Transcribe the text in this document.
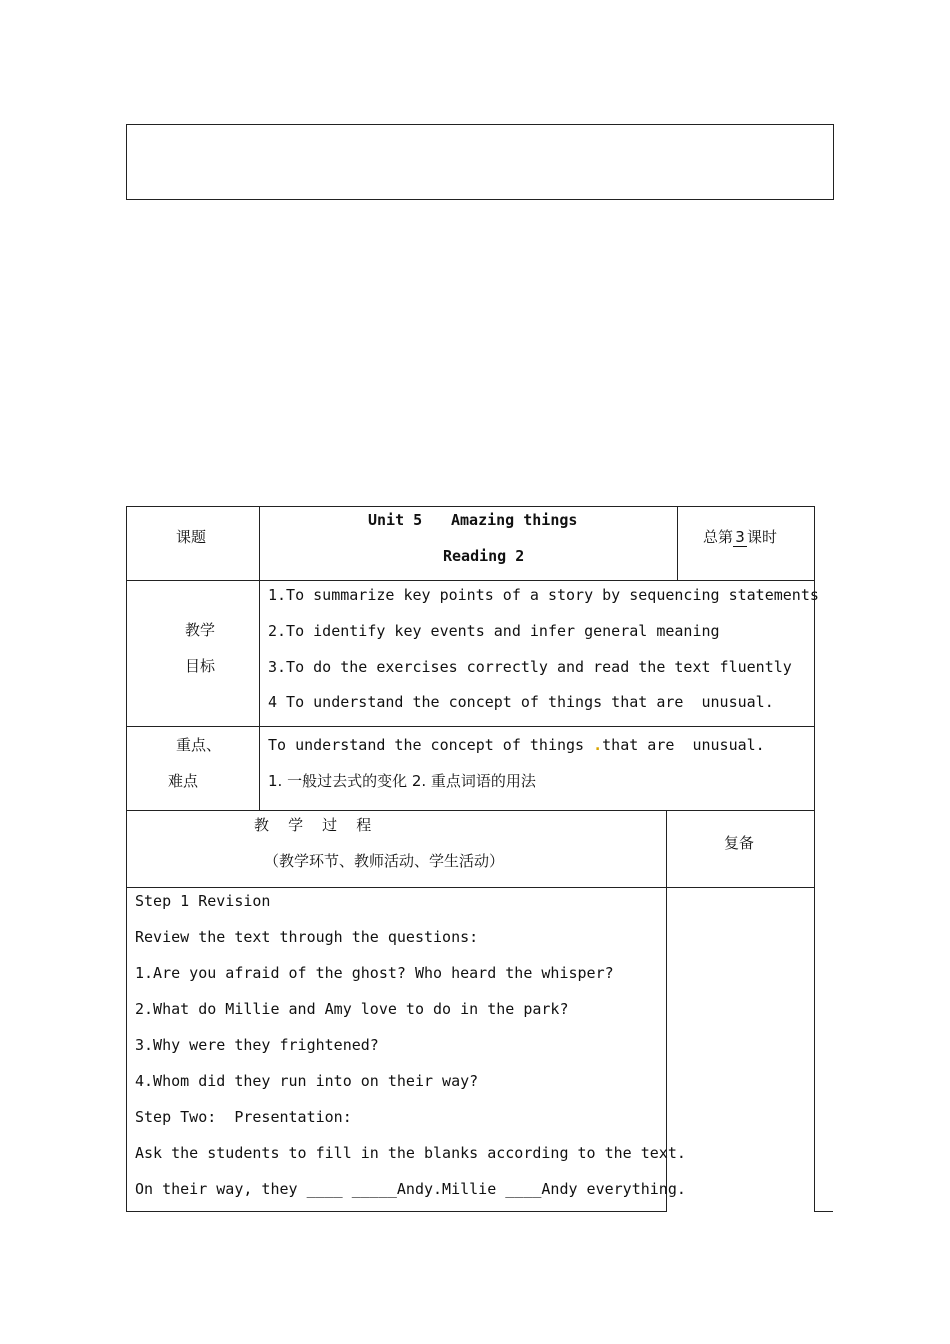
课题
Unit 5 Amazing things
Reading 2
总第 3 课时
教学
目标
1.To summarize key points of a story by sequencing statements
2.To identify key events and infer general meaning
3.To do the exercises correctly and read the text fluently
4 To understand the concept of things that are  unusual.
重点、
难点
To understand the concept of things .that are  unusual.
1. 一般过去式的变化 2. 重点词语的用法
教    学    过    程
（教学环节、教师活动、学生活动）
复备
Step 1 Revision
Review the text through the questions:
1.Are you afraid of the ghost? Who heard the whisper?
2.What do Millie and Amy love to do in the park?
3.Why were they frightened?
4.Whom did they run into on their way?
Step Two:  Presentation:
Ask the students to fill in the blanks according to the text.
On their way, they ____ _____Andy.Millie ____Andy everything.
